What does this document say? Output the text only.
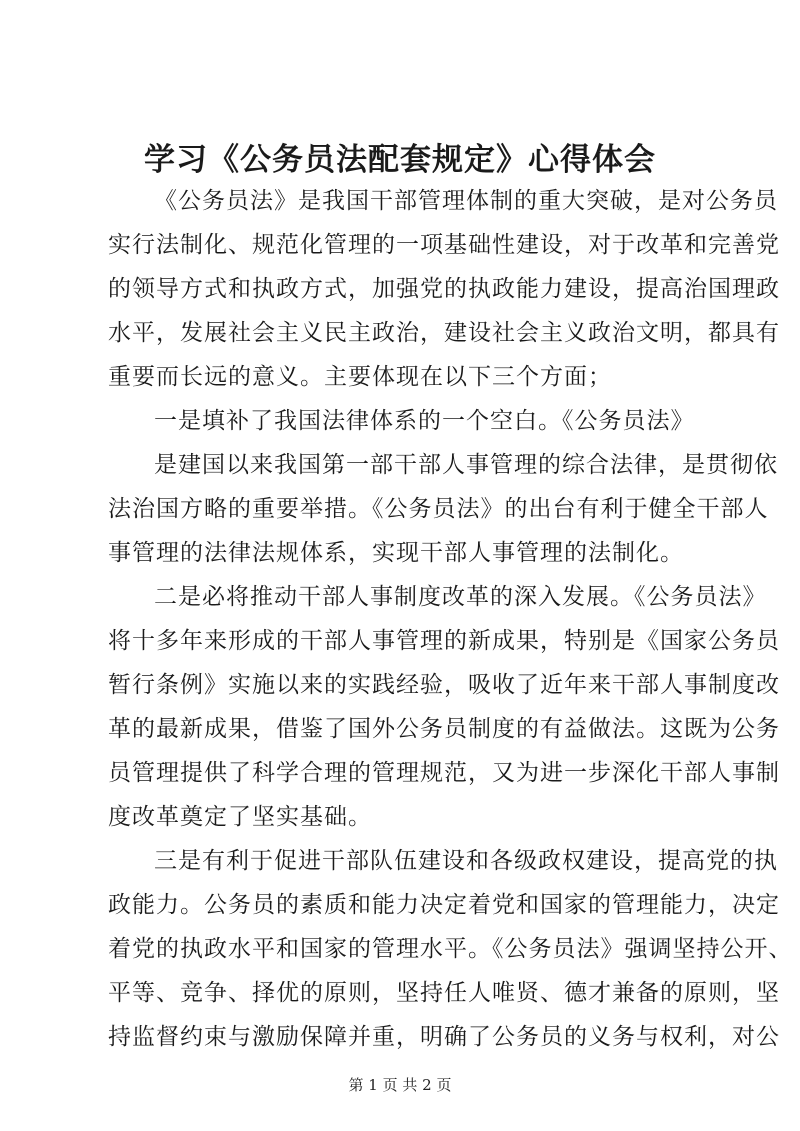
学习《公务员法配套规定》心得体会
《公务员法》是我国干部管理体制的重大突破，是对公务员
实行法制化、规范化管理的一项基础性建设，对于改革和完善党
的领导方式和执政方式，加强党的执政能力建设，提高治国理政
水平，发展社会主义民主政治，建设社会主义政治文明，都具有
重要而长远的意义。主要体现在以下三个方面；
一是填补了我国法律体系的一个空白。《公务员法》
是建国以来我国第一部干部人事管理的综合法律，是贯彻依
法治国方略的重要举措。《公务员法》的出台有利于健全干部人
事管理的法律法规体系，实现干部人事管理的法制化。
二是必将推动干部人事制度改革的深入发展。《公务员法》
将十多年来形成的干部人事管理的新成果，特别是《国家公务员
暂行条例》实施以来的实践经验，吸收了近年来干部人事制度改
革的最新成果，借鉴了国外公务员制度的有益做法。这既为公务
员管理提供了科学合理的管理规范，又为进一步深化干部人事制
度改革奠定了坚实基础。
三是有利于促进干部队伍建设和各级政权建设，提高党的执
政能力。公务员的素质和能力决定着党和国家的管理能力，决定
着党的执政水平和国家的管理水平。《公务员法》强调坚持公开、
平等、竞争、择优的原则，坚持任人唯贤、德才兼备的原则，坚
持监督约束与激励保障并重，明确了公务员的义务与权利，对公
第 1 页 共 2 页
